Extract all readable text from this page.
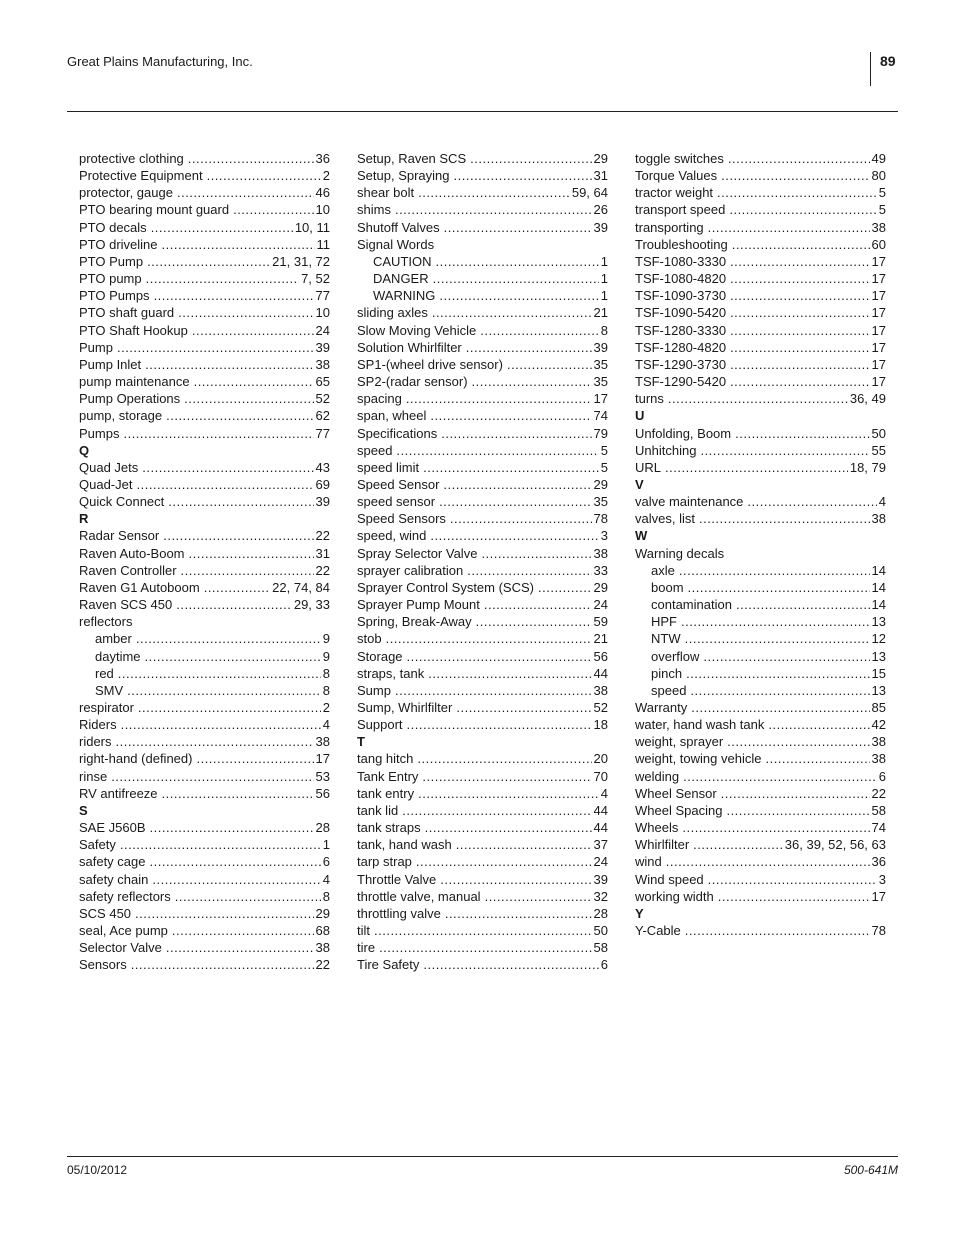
Great Plains Manufacturing, Inc.	89
protective clothing .....	36
Protective Equipment .....	2
protector, gauge .....	46
PTO bearing mount guard .....	10
PTO decals .....	10, 11
PTO driveline .....	11
PTO Pump .....	21, 31, 72
PTO pump .....	7, 52
PTO Pumps .....	77
PTO shaft guard .....	10
PTO Shaft Hookup .....	24
Pump .....	39
Pump Inlet .....	38
pump maintenance .....	65
Pump Operations .....	52
pump, storage .....	62
Pumps .....	77
Q
Quad Jets .....	43
Quad-Jet .....	69
Quick Connect .....	39
R
Radar Sensor .....	22
Raven Auto-Boom .....	31
Raven Controller .....	22
Raven G1 Autoboom .....	22, 74, 84
Raven SCS 450 .....	29, 33
reflectors
amber .....	9
daytime .....	9
red .....	8
SMV .....	8
respirator .....	2
Riders .....	4
riders .....	38
right-hand (defined) .....	17
rinse .....	53
RV antifreeze .....	56
S
SAE J560B .....	28
Safety .....	1
safety cage .....	6
safety chain .....	4
safety reflectors .....	8
SCS 450 .....	29
seal, Ace pump .....	68
Selector Valve .....	38
Sensors .....	22
Setup, Raven SCS .....	29
Setup, Spraying .....	31
shear bolt .....	59, 64
shims .....	26
Shutoff Valves .....	39
Signal Words
CAUTION .....	1
DANGER .....	1
WARNING .....	1
sliding axles .....	21
Slow Moving Vehicle .....	8
Solution Whirlfilter .....	39
SP1-(wheel drive sensor) .....	35
SP2-(radar sensor) .....	35
spacing .....	17
span, wheel .....	74
Specifications .....	79
speed .....	5
speed limit .....	5
Speed Sensor .....	29
speed sensor .....	35
Speed Sensors .....	78
speed, wind .....	3
Spray Selector Valve .....	38
sprayer calibration .....	33
Sprayer Control System (SCS) .....	29
Sprayer Pump Mount .....	24
Spring, Break-Away .....	59
stob .....	21
Storage .....	56
straps, tank .....	44
Sump .....	38
Sump, Whirlfilter .....	52
Support .....	18
T
tang hitch .....	20
Tank Entry .....	70
tank entry .....	4
tank lid .....	44
tank straps .....	44
tank, hand wash .....	37
tarp strap .....	24
Throttle Valve .....	39
throttle valve, manual .....	32
throttling valve .....	28
tilt .....	50
tire .....	58
Tire Safety .....	6
toggle switches .....	49
Torque Values .....	80
tractor weight .....	5
transport speed .....	5
transporting .....	38
Troubleshooting .....	60
TSF-1080-3330 .....	17
TSF-1080-4820 .....	17
TSF-1090-3730 .....	17
TSF-1090-5420 .....	17
TSF-1280-3330 .....	17
TSF-1280-4820 .....	17
TSF-1290-3730 .....	17
TSF-1290-5420 .....	17
turns .....	36, 49
U
Unfolding, Boom .....	50
Unhitching .....	55
URL .....	18, 79
V
valve maintenance .....	4
valves, list .....	38
W
Warning decals
axle .....	14
boom .....	14
contamination .....	14
HPF .....	13
NTW .....	12
overflow .....	13
pinch .....	15
speed .....	13
Warranty .....	85
water, hand wash tank .....	42
weight, sprayer .....	38
weight, towing vehicle .....	38
welding .....	6
Wheel Sensor .....	22
Wheel Spacing .....	58
Wheels .....	74
Whirlfilter .....	36, 39, 52, 56, 63
wind .....	36
Wind speed .....	3
working width .....	17
Y
Y-Cable .....	78
05/10/2012	500-641M
